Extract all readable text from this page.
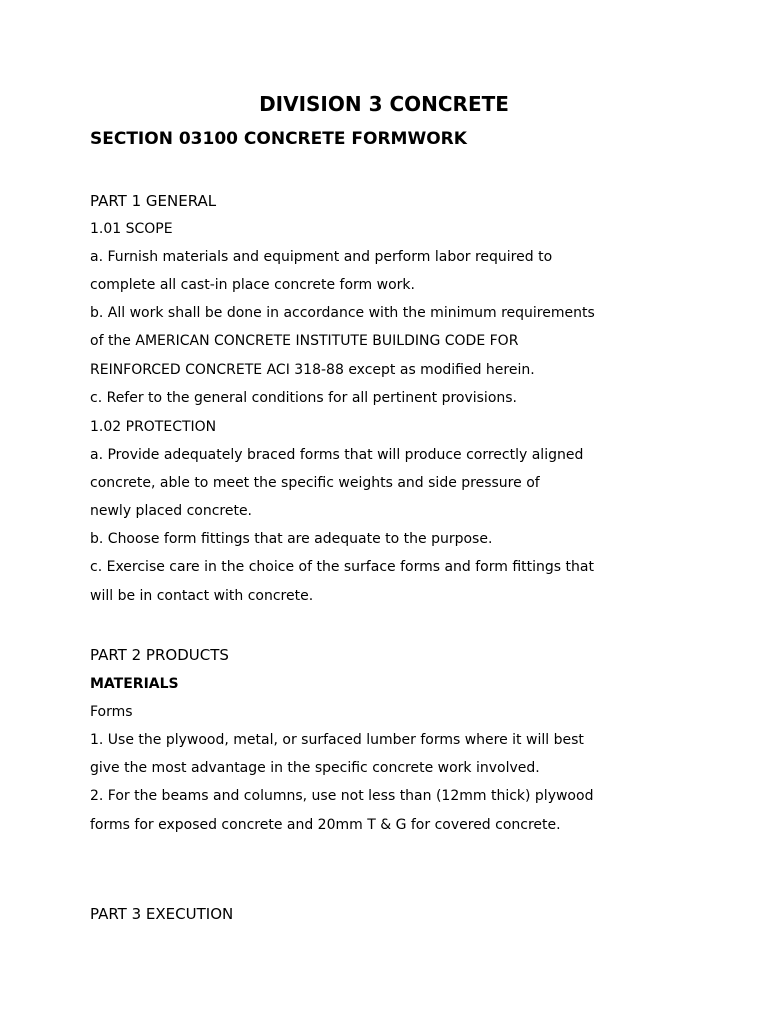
DIVISION 3 CONCRETE
SECTION 03100 CONCRETE FORMWORK
PART 1 GENERAL
1.01 SCOPE
a. Furnish materials and equipment and perform labor required to
complete all cast-in place concrete form work.
b. All work shall be done in accordance with the minimum requirements
of the AMERICAN CONCRETE INSTITUTE BUILDING CODE FOR
REINFORCED CONCRETE ACI 318-88 except as modified herein.
c. Refer to the general conditions for all pertinent provisions.
1.02 PROTECTION
a. Provide adequately braced forms that will produce correctly aligned
concrete, able to meet the specific weights and side pressure of
newly placed concrete.
b. Choose form fittings that are adequate to the purpose.
c. Exercise care in the choice of the surface forms and form fittings that
will be in contact with concrete.
PART 2 PRODUCTS
MATERIALS
Forms
1. Use the plywood, metal, or surfaced lumber forms where it will best
give the most advantage in the specific concrete work involved.
2. For the beams and columns, use not less than (12mm thick) plywood
forms for exposed concrete and 20mm T & G for covered concrete.
PART 3 EXECUTION
